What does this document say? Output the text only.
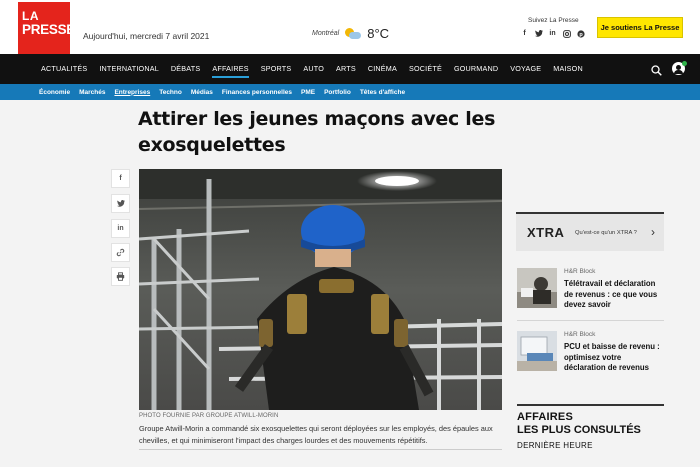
LA
PRESSE Aujourd'hui, mercredi 7 avril 2021	Montréal 8°C
Suivez La Presse
f	in	p
Je soutiens La Presse
ACTUALITÉS INTERNATIONAL DÉBATS AFFAIRES SPORTS AUTO ARTS CINÉMA SOCIÉTÉ GOURMAND VOYAGE MAISON
Économie Marchés Entreprises Techno Médias Finances personnelles PME Portfolio Têtes d'affiche
Attirer les jeunes maçons avec les exosquelettes
f
in
PHOTO FOURNIE PAR GROUPE ATWILL-MORIN

Groupe Atwill-Morin a commandé six exosquelettes qui seront déployées sur les employés, des épaules aux chevilles, et qui minimiseront l'impact des charges lourdes et des mouvements répétitifs.

XTRA Qu'est-ce qu'un XTRA ? ›
H&R Block
Télétravail et déclaration de revenus : ce que vous devez savoir
H&R Block
PCU et baisse de revenu : optimisez votre déclaration de revenus
AFFAIRES
LES PLUS CONSULTÉS
DERNIÈRE HEURE
